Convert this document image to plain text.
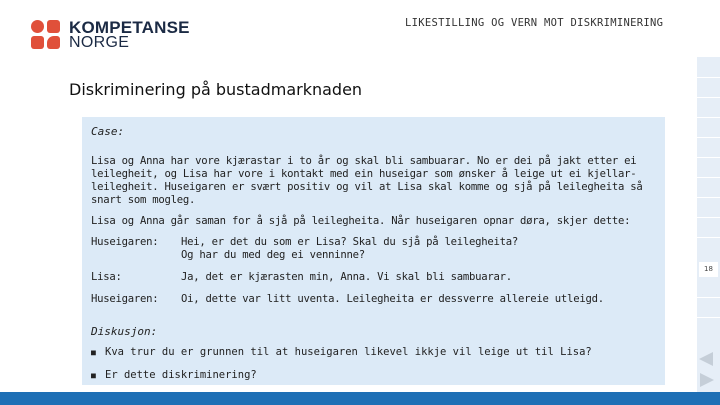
KOMPETANSE
NORGE
LIKESTILLING OG VERN MOT DISKRIMINERING
Diskriminering på bustadmarknaden
Case:
Lisa og Anna har vore kjærastar i to år og skal bli sambuarar. No er dei på jakt etter ei
leilegheit, og Lisa har vore i kontakt med ein huseigar som ønsker å leige ut ei kjellar-
leilegheit. Huseigaren er svært positiv og vil at Lisa skal komme og sjå på leilegheita så
snart som mogleg.
Lisa og Anna går saman for å sjå på leilegheita. Når huseigaren opnar døra, skjer dette:
Huseigaren:	Hei, er det du som er Lisa? Skal du sjå på leilegheita?
Og har du med deg ei venninne?
Lisa:	Ja, det er kjærasten min, Anna. Vi skal bli sambuarar.
Huseigaren:	Oi, dette var litt uventa. Leilegheita er dessverre allereie utleigd.
Diskusjon:
■ Kva trur du er grunnen til at huseigaren likevel ikkje vil leige ut til Lisa?
■ Er dette diskriminering?
18
